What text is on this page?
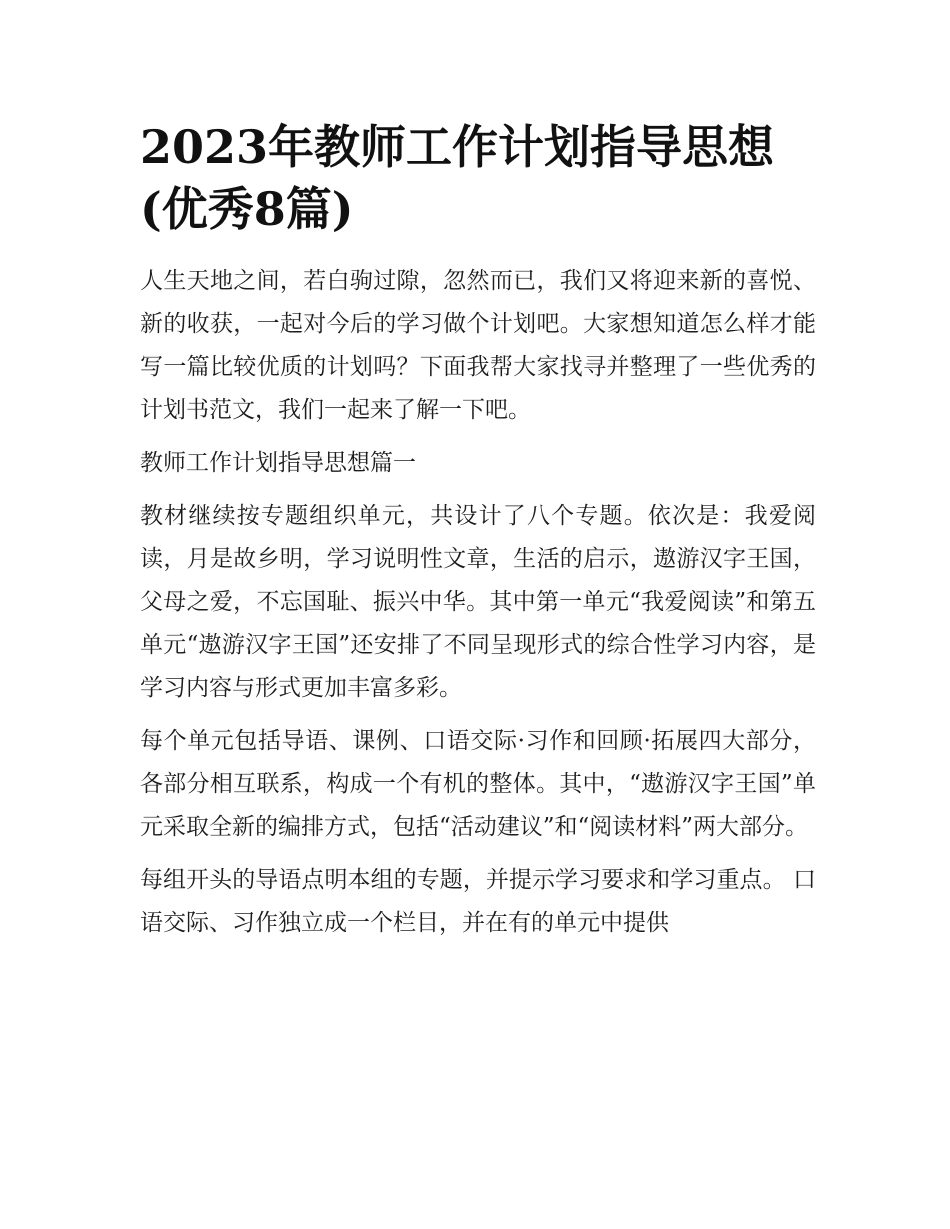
2023年教师工作计划指导思想(优秀8篇)

人生天地之间，若白驹过隙，忽然而已，我们又将迎来新的喜悦、新的收获，一起对今后的学习做个计划吧。大家想知道怎么样才能写一篇比较优质的计划吗？下面我帮大家找寻并整理了一些优秀的计划书范文，我们一起来了解一下吧。

教师工作计划指导思想篇一

教材继续按专题组织单元，共设计了八个专题。依次是：我爱阅读，月是故乡明，学习说明性文章，生活的启示，遨游汉字王国，父母之爱，不忘国耻、振兴中华。其中第一单元“我爱阅读”和第五单元“遨游汉字王国”还安排了不同呈现形式的综合性学习内容，是学习内容与形式更加丰富多彩。

每个单元包括导语、课例、口语交际·习作和回顾·拓展四大部分，各部分相互联系，构成一个有机的整体。其中，“遨游汉字王国”单元采取全新的编排方式，包括“活动建议”和“阅读材料”两大部分。

每组开头的导语点明本组的专题，并提示学习要求和学习重点。 口语交际、习作独立成一个栏目，并在有的单元中提供
